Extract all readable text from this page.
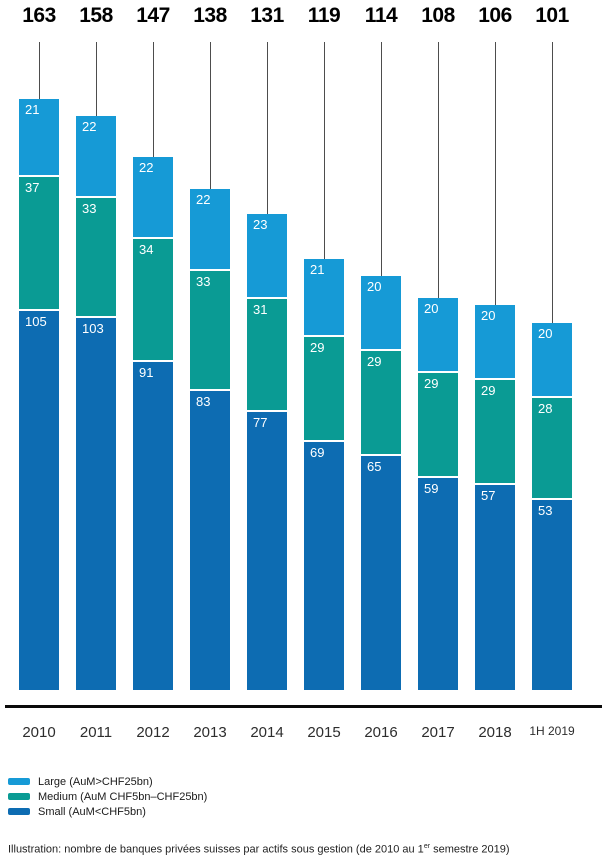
163
21
37
105
2010
158
22
33
103
2011
147
22
34
91
2012
138
22
33
83
2013
131
23
31
77
2014
119
21
29
69
2015
114
20
29
65
2016
108
20
29
59
2017
106
20
29
57
2018
101
20
28
53
1H 2019
Large (AuM>CHF25bn)
Medium (AuM CHF5bn–CHF25bn)
Small (AuM<CHF5bn)
Illustration: nombre de banques privées suisses par actifs sous gestion (de 2010 au 1er semestre 2019)
